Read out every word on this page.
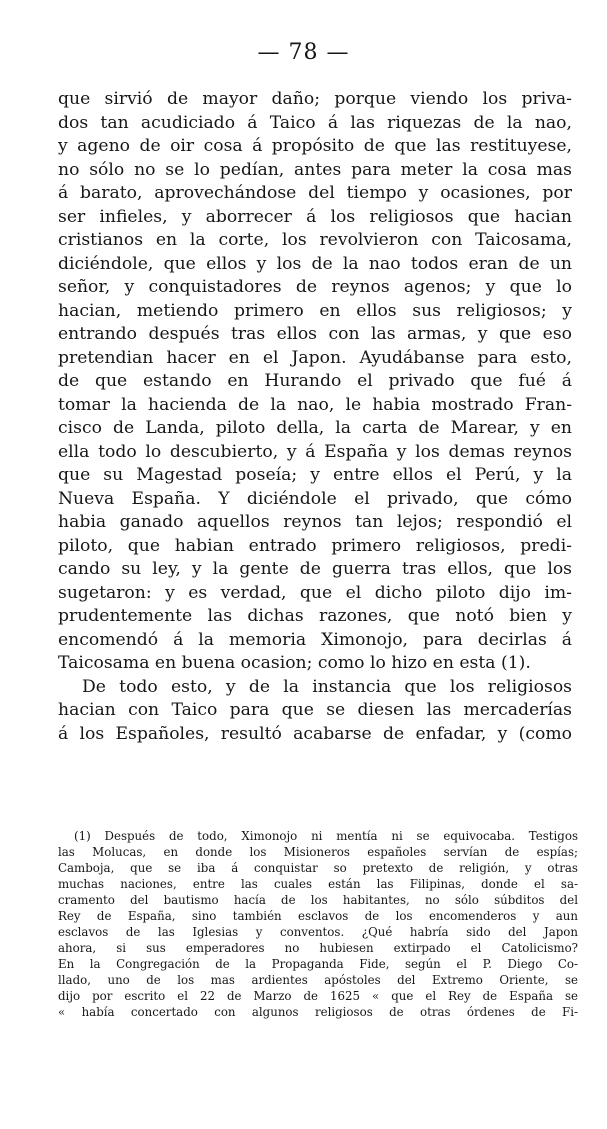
— 78 —
que sirvió de mayor daño; porque viendo los priva-
dos tan acudiciado á Taico á las riquezas de la nao,
y ageno de oir cosa á propósito de que las restituyese,
no sólo no se lo pedían, antes para meter la cosa mas
á barato, aprovechándose del tiempo y ocasiones, por
ser infieles, y aborrecer á los religiosos que hacian
cristianos en la corte, los revolvieron con Taicosama,
diciéndole, que ellos y los de la nao todos eran de un
señor, y conquistadores de reynos agenos; y que lo
hacian, metiendo primero en ellos sus religiosos; y
entrando después tras ellos con las armas, y que eso
pretendian hacer en el Japon. Ayudábanse para esto,
de que estando en Hurando el privado que fué á
tomar la hacienda de la nao, le habia mostrado Fran-
cisco de Landa, piloto della, la carta de Marear, y en
ella todo lo descubierto, y á España y los demas reynos
que su Magestad poseía; y entre ellos el Perú, y la
Nueva España. Y diciéndole el privado, que cómo
habia ganado aquellos reynos tan lejos; respondió el
piloto, que habian entrado primero religiosos, predi-
cando su ley, y la gente de guerra tras ellos, que los
sugetaron: y es verdad, que el dicho piloto dijo im-
prudentemente las dichas razones, que notó bien y
encomendó á la memoria Ximonojo, para decirlas á
Taicosama en buena ocasion; como lo hizo en esta (1).
De todo esto, y de la instancia que los religiosos
hacian con Taico para que se diesen las mercaderías
á los Españoles, resultó acabarse de enfadar, y (como
(1) Después de todo, Ximonojo ni mentía ni se equivocaba. Testigos
las Molucas, en donde los Misioneros españoles servían de espías;
Camboja, que se iba á conquistar so pretexto de religión, y otras
muchas naciones, entre las cuales están las Filipinas, donde el sa-
cramento del bautismo hacía de los habitantes, no sólo súbditos del
Rey de España, sino también esclavos de los encomenderos y aun
esclavos de las Iglesias y conventos. ¿Qué habría sido del Japon
ahora, si sus emperadores no hubiesen extirpado el Catolicismo?
En la Congregación de la Propaganda Fide, según el P. Diego Co-
llado, uno de los mas ardientes apóstoles del Extremo Oriente, se
dijo por escrito el 22 de Marzo de 1625 « que el Rey de España se
« había concertado con algunos religiosos de otras órdenes de Fi-
